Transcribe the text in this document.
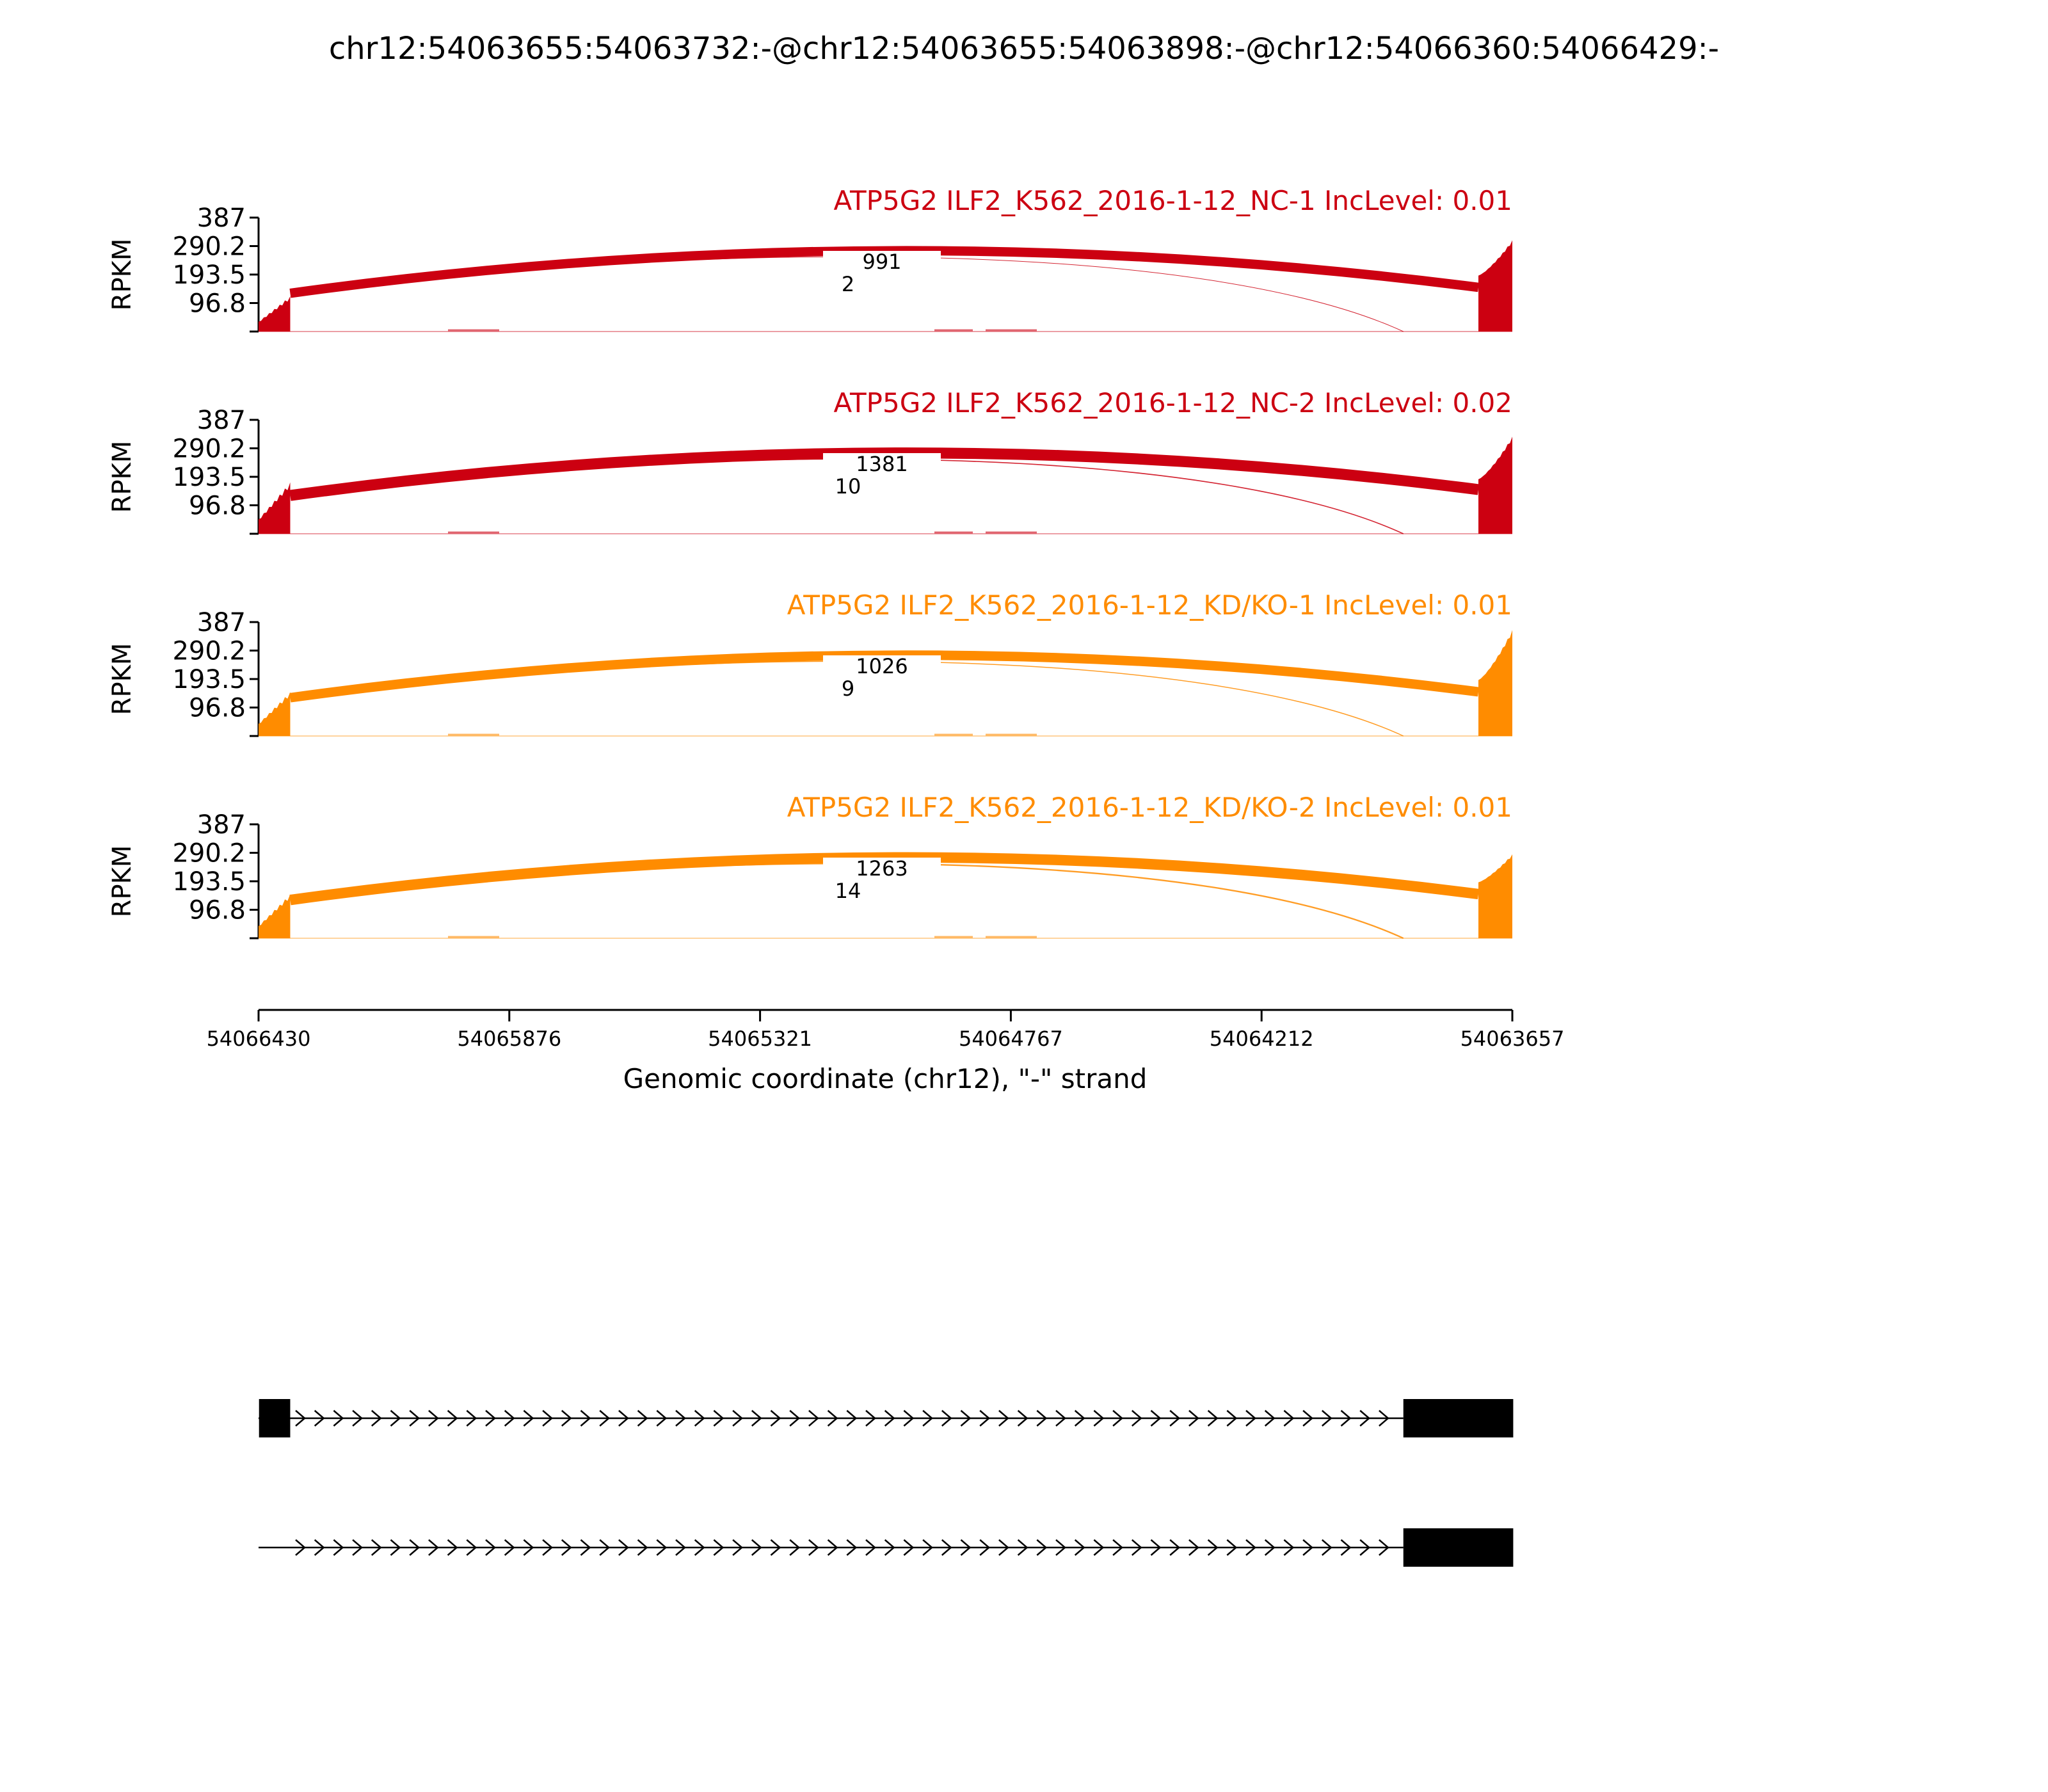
chr12:54063655:54063732:-@chr12:54063655:54063898:-@chr12:54066360:54066429:-
387
290.2
193.5
96.8
RPKM	991
2
ATP5G2 ILF2_K562_2016-1-12_NC-1 IncLevel: 0.01
387
290.2
193.5
96.8
RPKM	1381
10
ATP5G2 ILF2_K562_2016-1-12_NC-2 IncLevel: 0.02
387
290.2
193.5
96.8
RPKM	1026
9
ATP5G2 ILF2_K562_2016-1-12_KD/KO-1 IncLevel: 0.01
387
290.2
193.5
96.8
RPKM	1263
14
ATP5G2 ILF2_K562_2016-1-12_KD/KO-2 IncLevel: 0.01
54066430	54065876	54065321	54064767	54064212	54063657
Genomic coordinate (chr12), "-" strand
